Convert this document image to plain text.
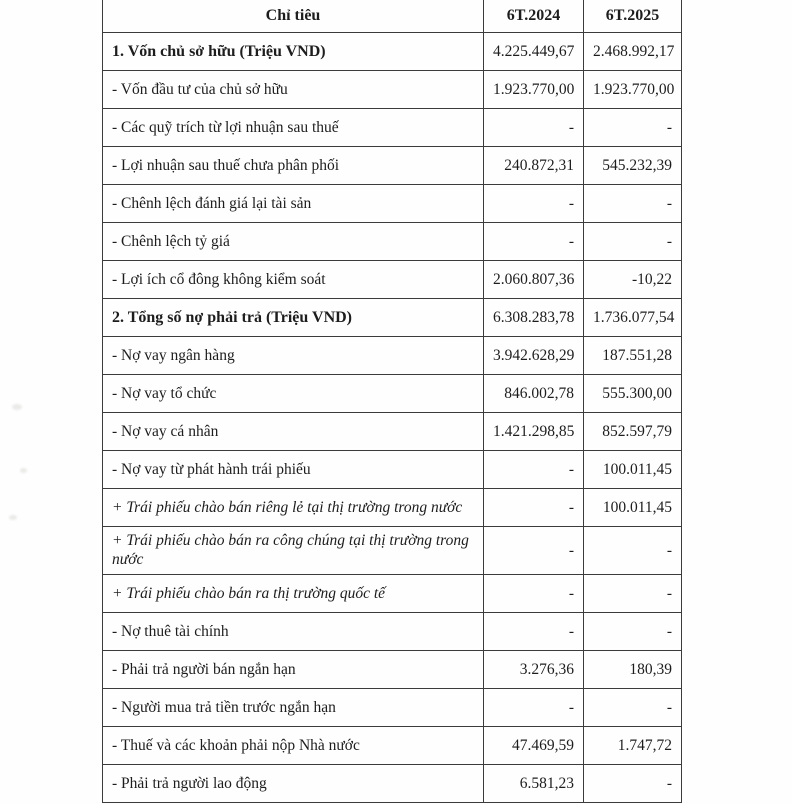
Chỉ tiêu	6T.2024	6T.2025
1. Vốn chủ sở hữu (Triệu VND)	4.225.449,67	2.468.992,17
- Vốn đầu tư của chủ sở hữu	1.923.770,00	1.923.770,00
- Các quỹ trích từ lợi nhuận sau thuế	-	-
- Lợi nhuận sau thuế chưa phân phối	240.872,31	545.232,39
- Chênh lệch đánh giá lại tài sản	-	-
- Chênh lệch tỷ giá	-	-
- Lợi ích cổ đông không kiểm soát	2.060.807,36	-10,22
2. Tổng số nợ phải trả (Triệu VND)	6.308.283,78	1.736.077,54
- Nợ vay ngân hàng	3.942.628,29	187.551,28
- Nợ vay tổ chức	846.002,78	555.300,00
- Nợ vay cá nhân	1.421.298,85	852.597,79
- Nợ vay từ phát hành trái phiếu	-	100.011,45
+ Trái phiếu chào bán riêng lẻ tại thị trường trong nước	-	100.011,45
+ Trái phiếu chào bán ra công chúng tại thị trường trong nước	-	-
+ Trái phiếu chào bán ra thị trường quốc tế	-	-
- Nợ thuê tài chính	-	-
- Phải trả người bán ngắn hạn	3.276,36	180,39
- Người mua trả tiền trước ngắn hạn	-	-
- Thuế và các khoản phải nộp Nhà nước	47.469,59	1.747,72
- Phải trả người lao động	6.581,23	-
